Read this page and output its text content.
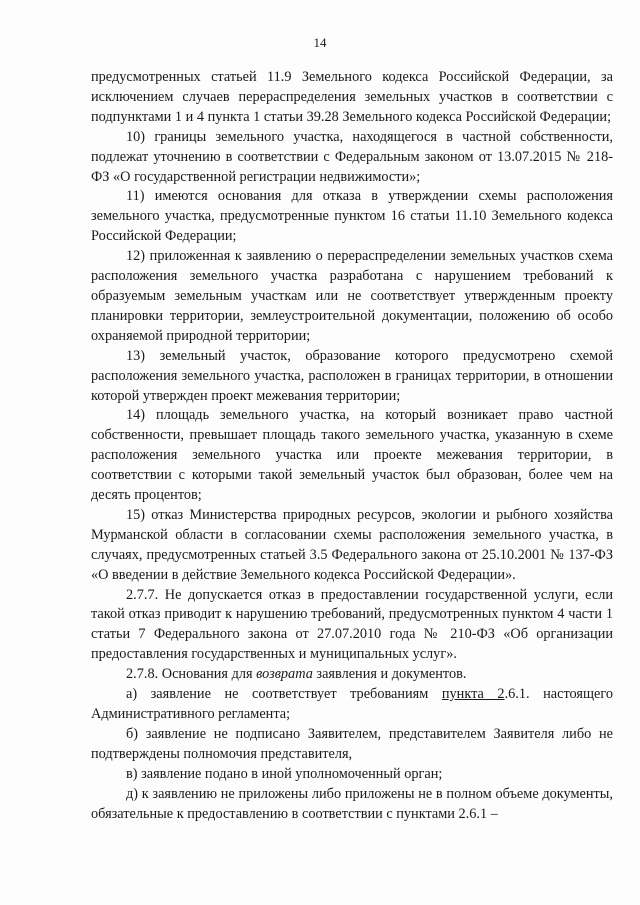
14

предусмотренных статьей 11.9 Земельного кодекса Российской Федерации, за исключением случаев перераспределения земельных участков в соответствии с подпунктами 1 и 4 пункта 1 статьи 39.28 Земельного кодекса Российской Федерации;

10) границы земельного участка, находящегося в частной собственности, подлежат уточнению в соответствии с Федеральным законом от 13.07.2015 № 218-ФЗ «О государственной регистрации недвижимости»;

11) имеются основания для отказа в утверждении схемы расположения земельного участка, предусмотренные пунктом 16 статьи 11.10 Земельного кодекса Российской Федерации;

12) приложенная к заявлению о перераспределении земельных участков схема расположения земельного участка разработана с нарушением требований к образуемым земельным участкам или не соответствует утвержденным проекту планировки территории, землеустроительной документации, положению об особо охраняемой природной территории;

13) земельный участок, образование которого предусмотрено схемой расположения земельного участка, расположен в границах территории, в отношении которой утвержден проект межевания территории;

14) площадь земельного участка, на который возникает право частной собственности, превышает площадь такого земельного участка, указанную в схеме расположения земельного участка или проекте межевания территории, в соответствии с которыми такой земельный участок был образован, более чем на десять процентов;

15) отказ Министерства природных ресурсов, экологии и рыбного хозяйства Мурманской области в согласовании схемы расположения земельного участка, в случаях, предусмотренных статьей 3.5 Федерального закона от 25.10.2001 № 137-ФЗ «О введении в действие Земельного кодекса Российской Федерации».

2.7.7. Не допускается отказ в предоставлении государственной услуги, если такой отказ приводит к нарушению требований, предусмотренных пунктом 4 части 1 статьи 7 Федерального закона от 27.07.2010 года № 210-ФЗ «Об организации предоставления государственных и муниципальных услуг».

2.7.8. Основания для возврата заявления и документов.

а) заявление не соответствует требованиям пункта 2.6.1. настоящего Административного регламента;

б) заявление не подписано Заявителем, представителем Заявителя либо не подтверждены полномочия представителя,

в) заявление подано в иной уполномоченный орган;

д) к заявлению не приложены либо приложены не в полном объеме документы, обязательные к предоставлению в соответствии с пунктами 2.6.1 –
